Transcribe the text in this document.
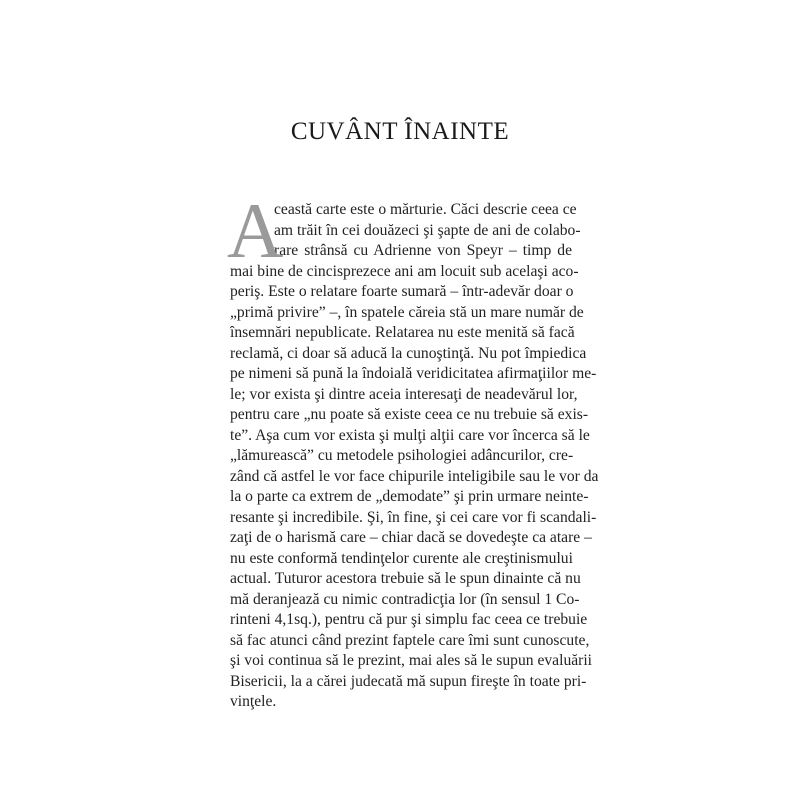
CUVÂNT ÎNAINTE
A
ceastă carte este o mărturie. Căci descrie ceea ce
am trăit în cei douăzeci şi şapte de ani de colabo-
rare strânsă cu Adrienne von Speyr – timp de
mai bine de cincisprezece ani am locuit sub acelaşi aco-
periş. Este o relatare foarte sumară – într-adevăr doar o
„primă privire” –, în spatele căreia stă un mare număr de
însemnări nepublicate. Relatarea nu este menită să facă
reclamă, ci doar să aducă la cunoştinţă. Nu pot împiedica
pe nimeni să pună la îndoială veridicitatea afirmaţiilor me-
le; vor exista şi dintre aceia interesaţi de neadevărul lor,
pentru care „nu poate să existe ceea ce nu trebuie să exis-
te”. Aşa cum vor exista şi mulţi alţii care vor încerca să le
„lămurească” cu metodele psihologiei adâncurilor, cre-
zând că astfel le vor face chipurile inteligibile sau le vor da
la o parte ca extrem de „demodate” şi prin urmare neinte-
resante şi incredibile. Şi, în fine, şi cei care vor fi scandali-
zaţi de o harismă care – chiar dacă se dovedeşte ca atare –
nu este conformă tendinţelor curente ale creştinismului
actual. Tuturor acestora trebuie să le spun dinainte că nu
mă deranjează cu nimic contradicţia lor (în sensul 1 Co-
rinteni 4,1sq.), pentru că pur şi simplu fac ceea ce trebuie
să fac atunci când prezint faptele care îmi sunt cunoscute,
şi voi continua să le prezint, mai ales să le supun evaluării
Bisericii, la a cărei judecată mă supun fireşte în toate pri-
vinţele.
